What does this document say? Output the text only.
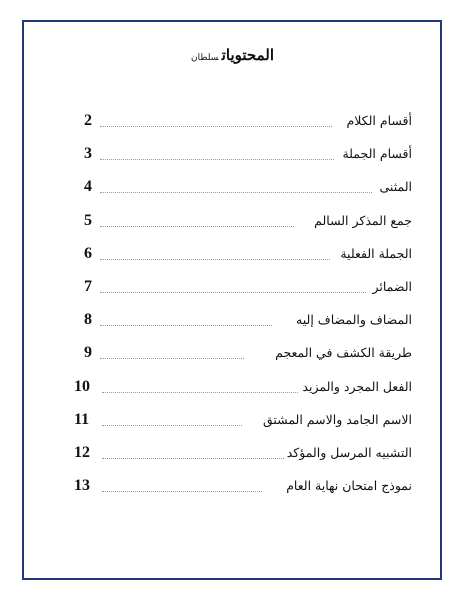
المحتوياتسلطان
أقسام الكلام
2
أقسام الجملة
3
المثنى
4
جمع المذكر السالم
5
الجملة الفعلية
6
الضمائر
7
المضاف والمضاف إليه
8
طريقة الكشف في المعجم
9
الفعل المجرد والمزيد
10
الاسم الجامد والاسم المشتق
11
التشبيه المرسل والمؤكد
12
نموذج امتحان نهاية العام
13
